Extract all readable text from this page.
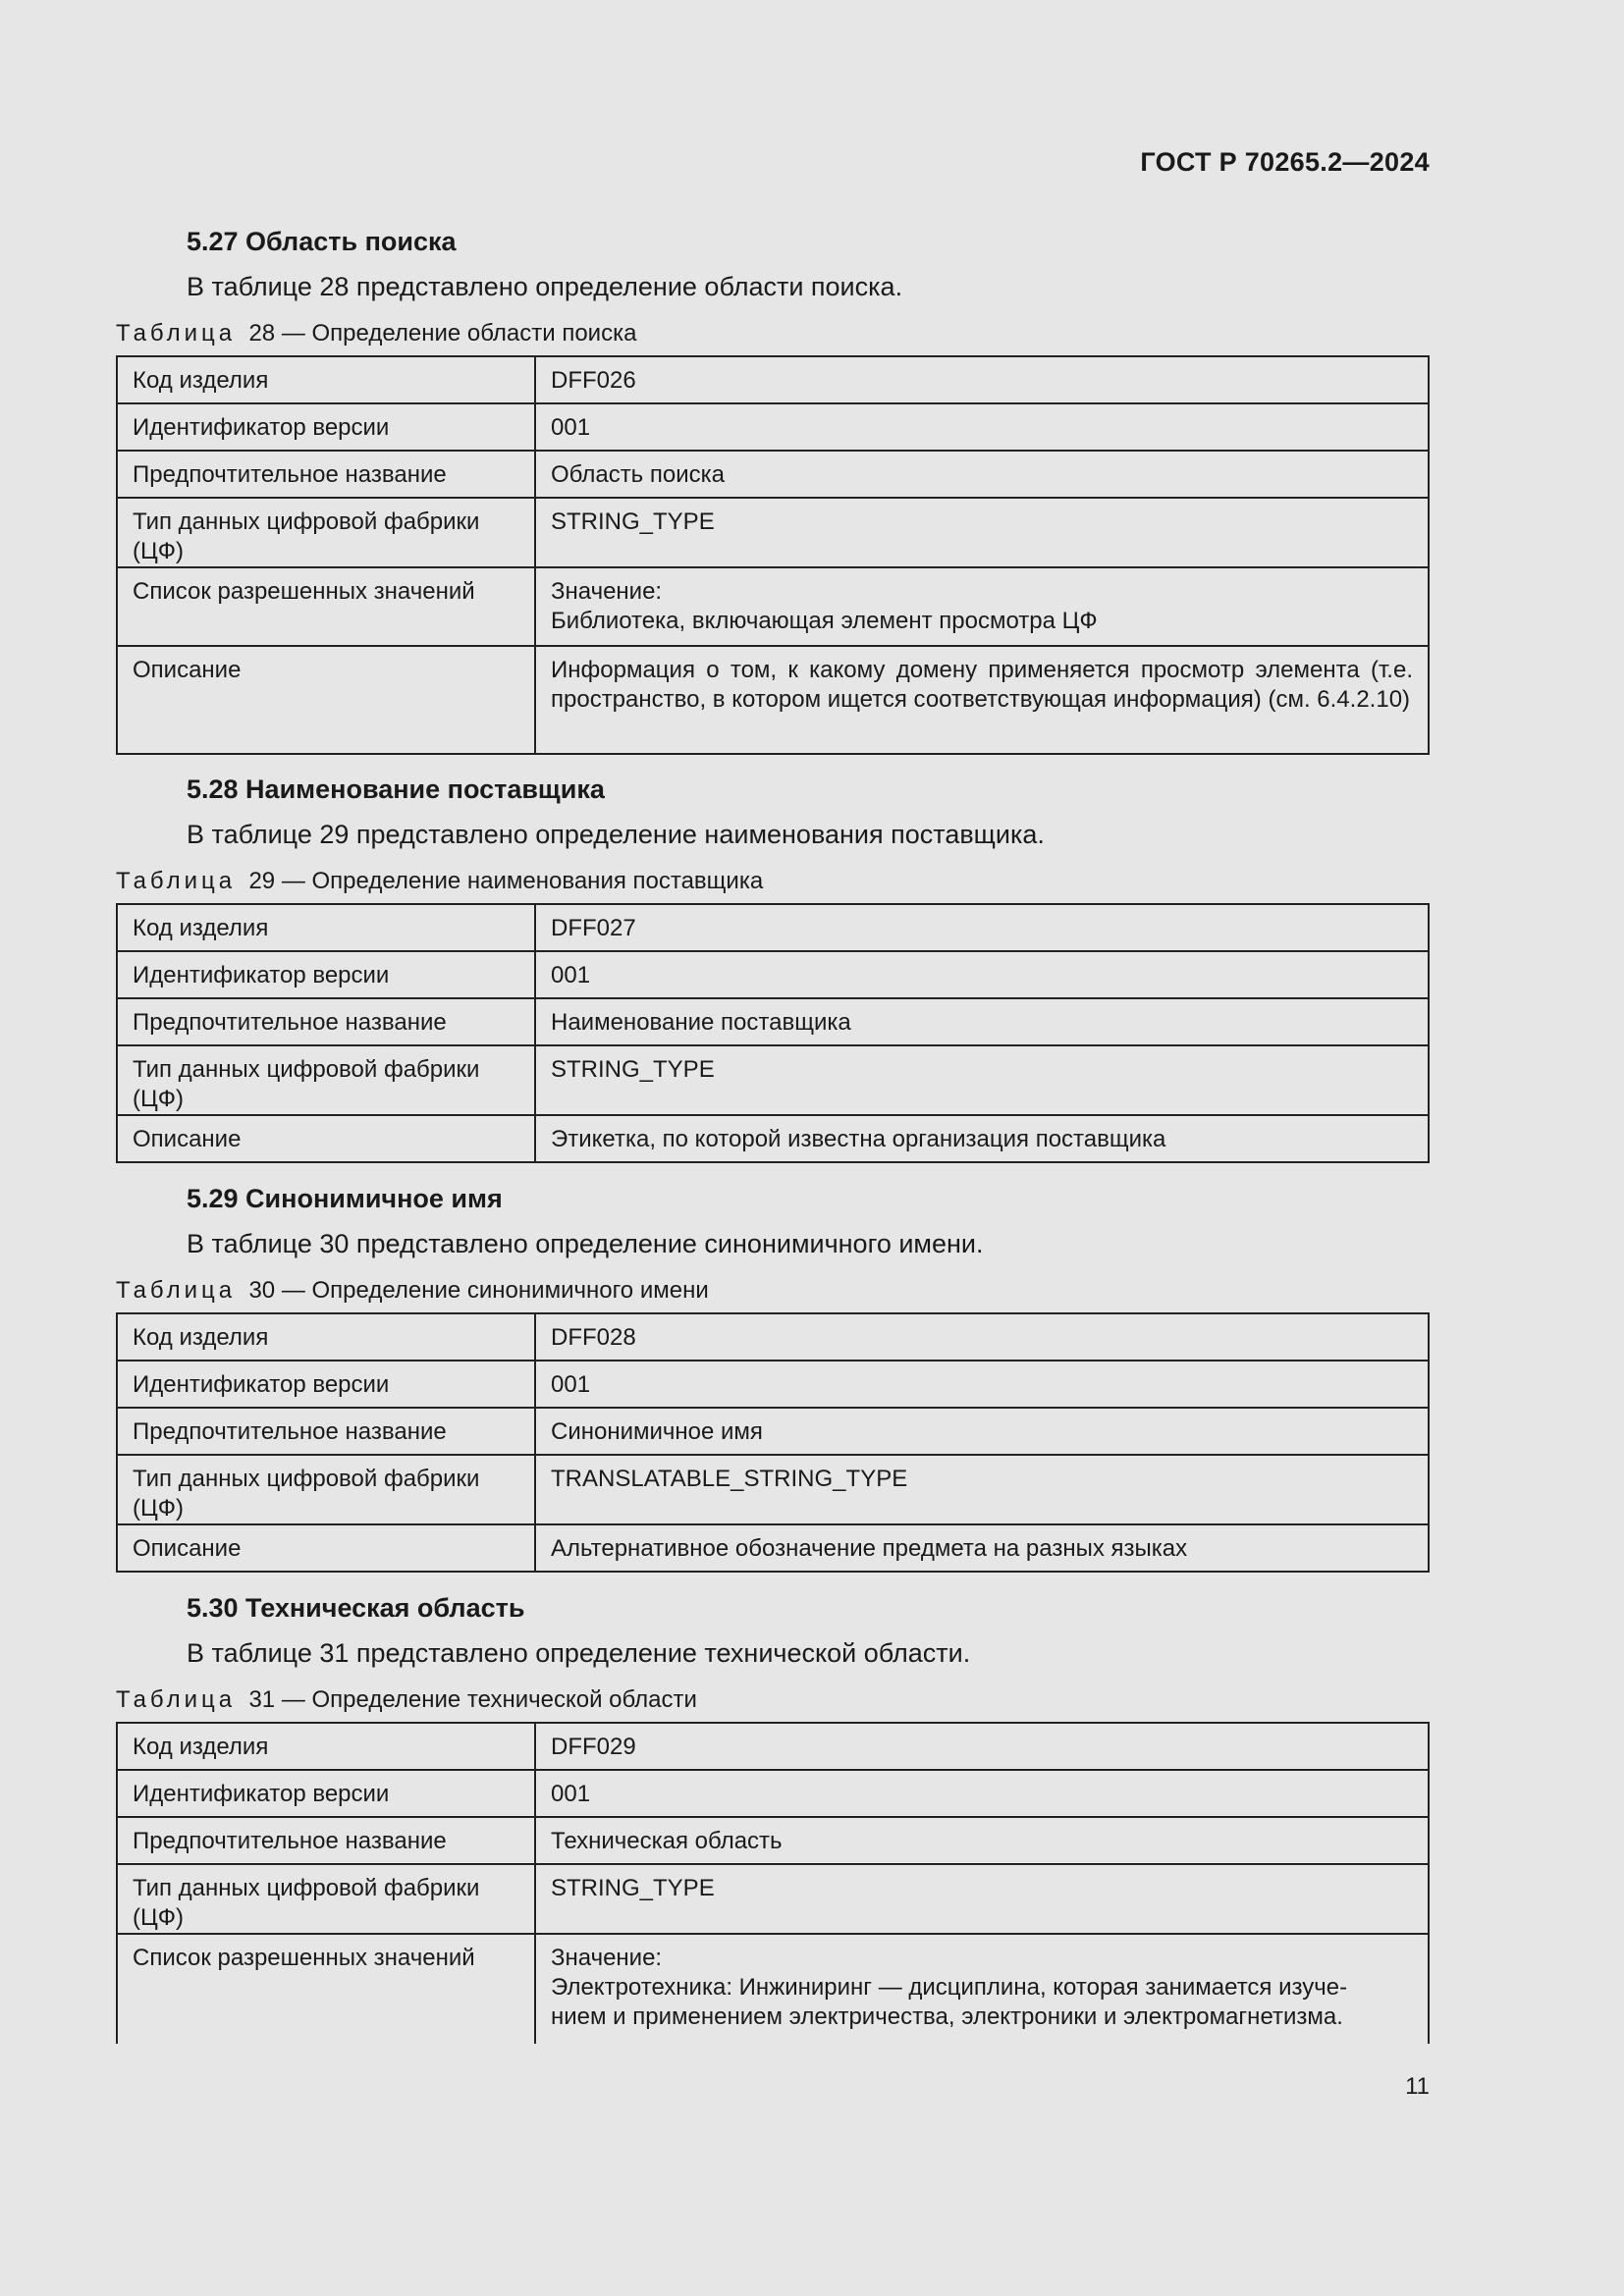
ГОСТ Р 70265.2—2024
5.27 Область поиска
В таблице 28 представлено определение области поиска.
Таблица 28 — Определение области поиска
Код изделия	DFF026
Идентификатор версии	001
Предпочтительное название	Область поиска
Тип данных цифровой фабрики (ЦФ)	STRING_TYPE
Список разрешенных значений	Значение:
Библиотека, включающая элемент просмотра ЦФ

Описание	Информация о том, к какому домену применяется просмотр элемента (т.е. пространство, в котором ищется соответствующая информация) (см. 6.4.2.10)
5.28 Наименование поставщика
В таблице 29 представлено определение наименования поставщика.
Таблица 29 — Определение наименования поставщика
Код изделия	DFF027
Идентификатор версии	001
Предпочтительное название	Наименование поставщика
Тип данных цифровой фабрики (ЦФ)	STRING_TYPE
Описание	Этикетка, по которой известна организация поставщика
5.29 Синонимичное имя
В таблице 30 представлено определение синонимичного имени.
Таблица 30 — Определение синонимичного имени
Код изделия	DFF028
Идентификатор версии	001
Предпочтительное название	Синонимичное имя
Тип данных цифровой фабрики (ЦФ)	TRANSLATABLE_STRING_TYPE
Описание	Альтернативное обозначение предмета на разных языках
5.30 Техническая область
В таблице 31 представлено определение технической области.
Таблица 31 — Определение технической области
Код изделия	DFF029
Идентификатор версии	001
Предпочтительное название	Техническая область
Тип данных цифровой фабрики (ЦФ)	STRING_TYPE
Список разрешенных значений	Значение:
Электротехника: Инжиниринг — дисциплина, которая занимается изуче-
нием и применением электричества, электроники и электромагнетизма.
11
